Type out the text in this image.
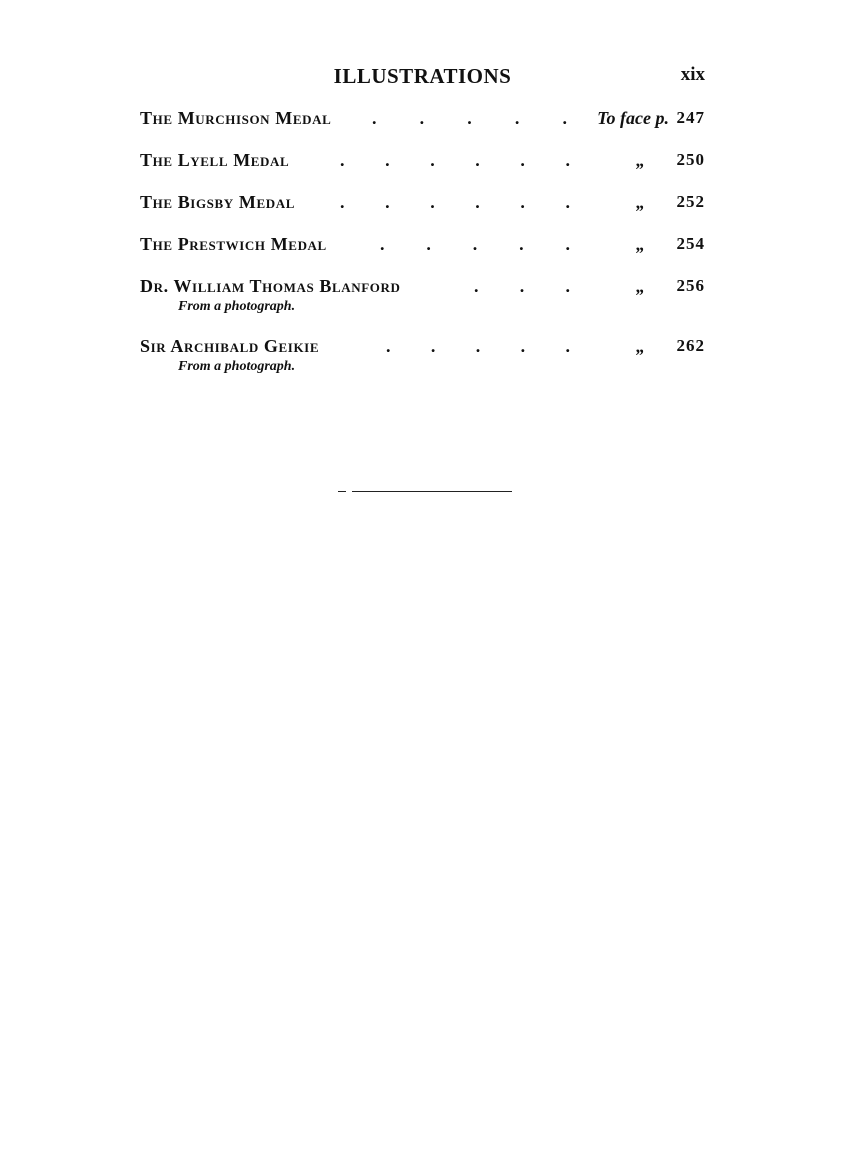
ILLUSTRATIONS	xix
. . . . .
The Murchison Medal	To face p. 247
. . . . . .
The Lyell Medal	„ 250
. . . . . .
The Bigsby Medal	„ 252
. . . . .
The Prestwich Medal	„ 254
. . .
Dr. William Thomas Blanford	„ 256
From a photograph.
. . . . .
Sir Archibald Geikie	„ 262
From a photograph.
